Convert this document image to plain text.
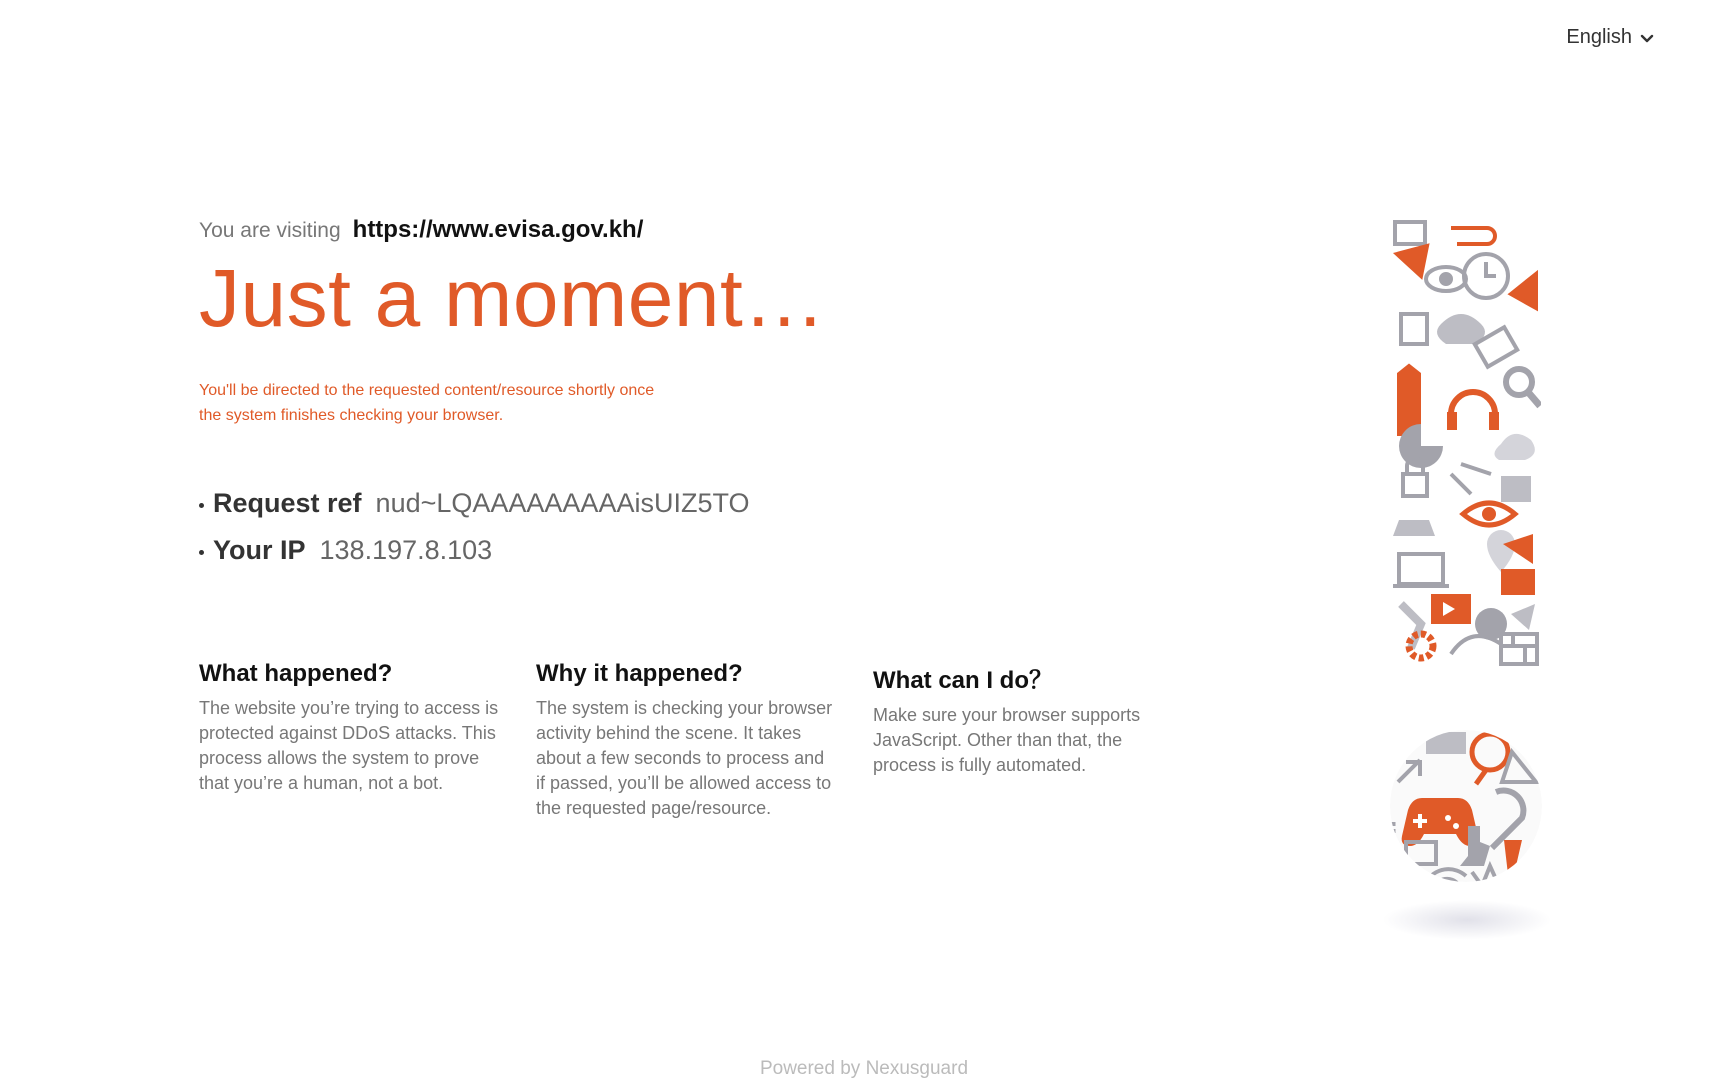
English
You are visiting https://www.evisa.gov.kh/
Just a moment…
You'll be directed to the requested content/resource shortly once
the system finishes checking your browser.
Request ref nud~LQAAAAAAAAAisUIZ5TO
Your IP 138.197.8.103
What happened?

The website you’re trying to access is protected against DDoS attacks. This process allows the system to prove that you’re a human, not a bot.

Why it happened?

The system is checking your browser activity behind the scene. It takes about a few seconds to process and if passed, you’ll be allowed access to the requested page/resource.

What can I do？

Make sure your browser supports JavaScript. Other than that, the process is fully automated.

Powered by Nexusguard
